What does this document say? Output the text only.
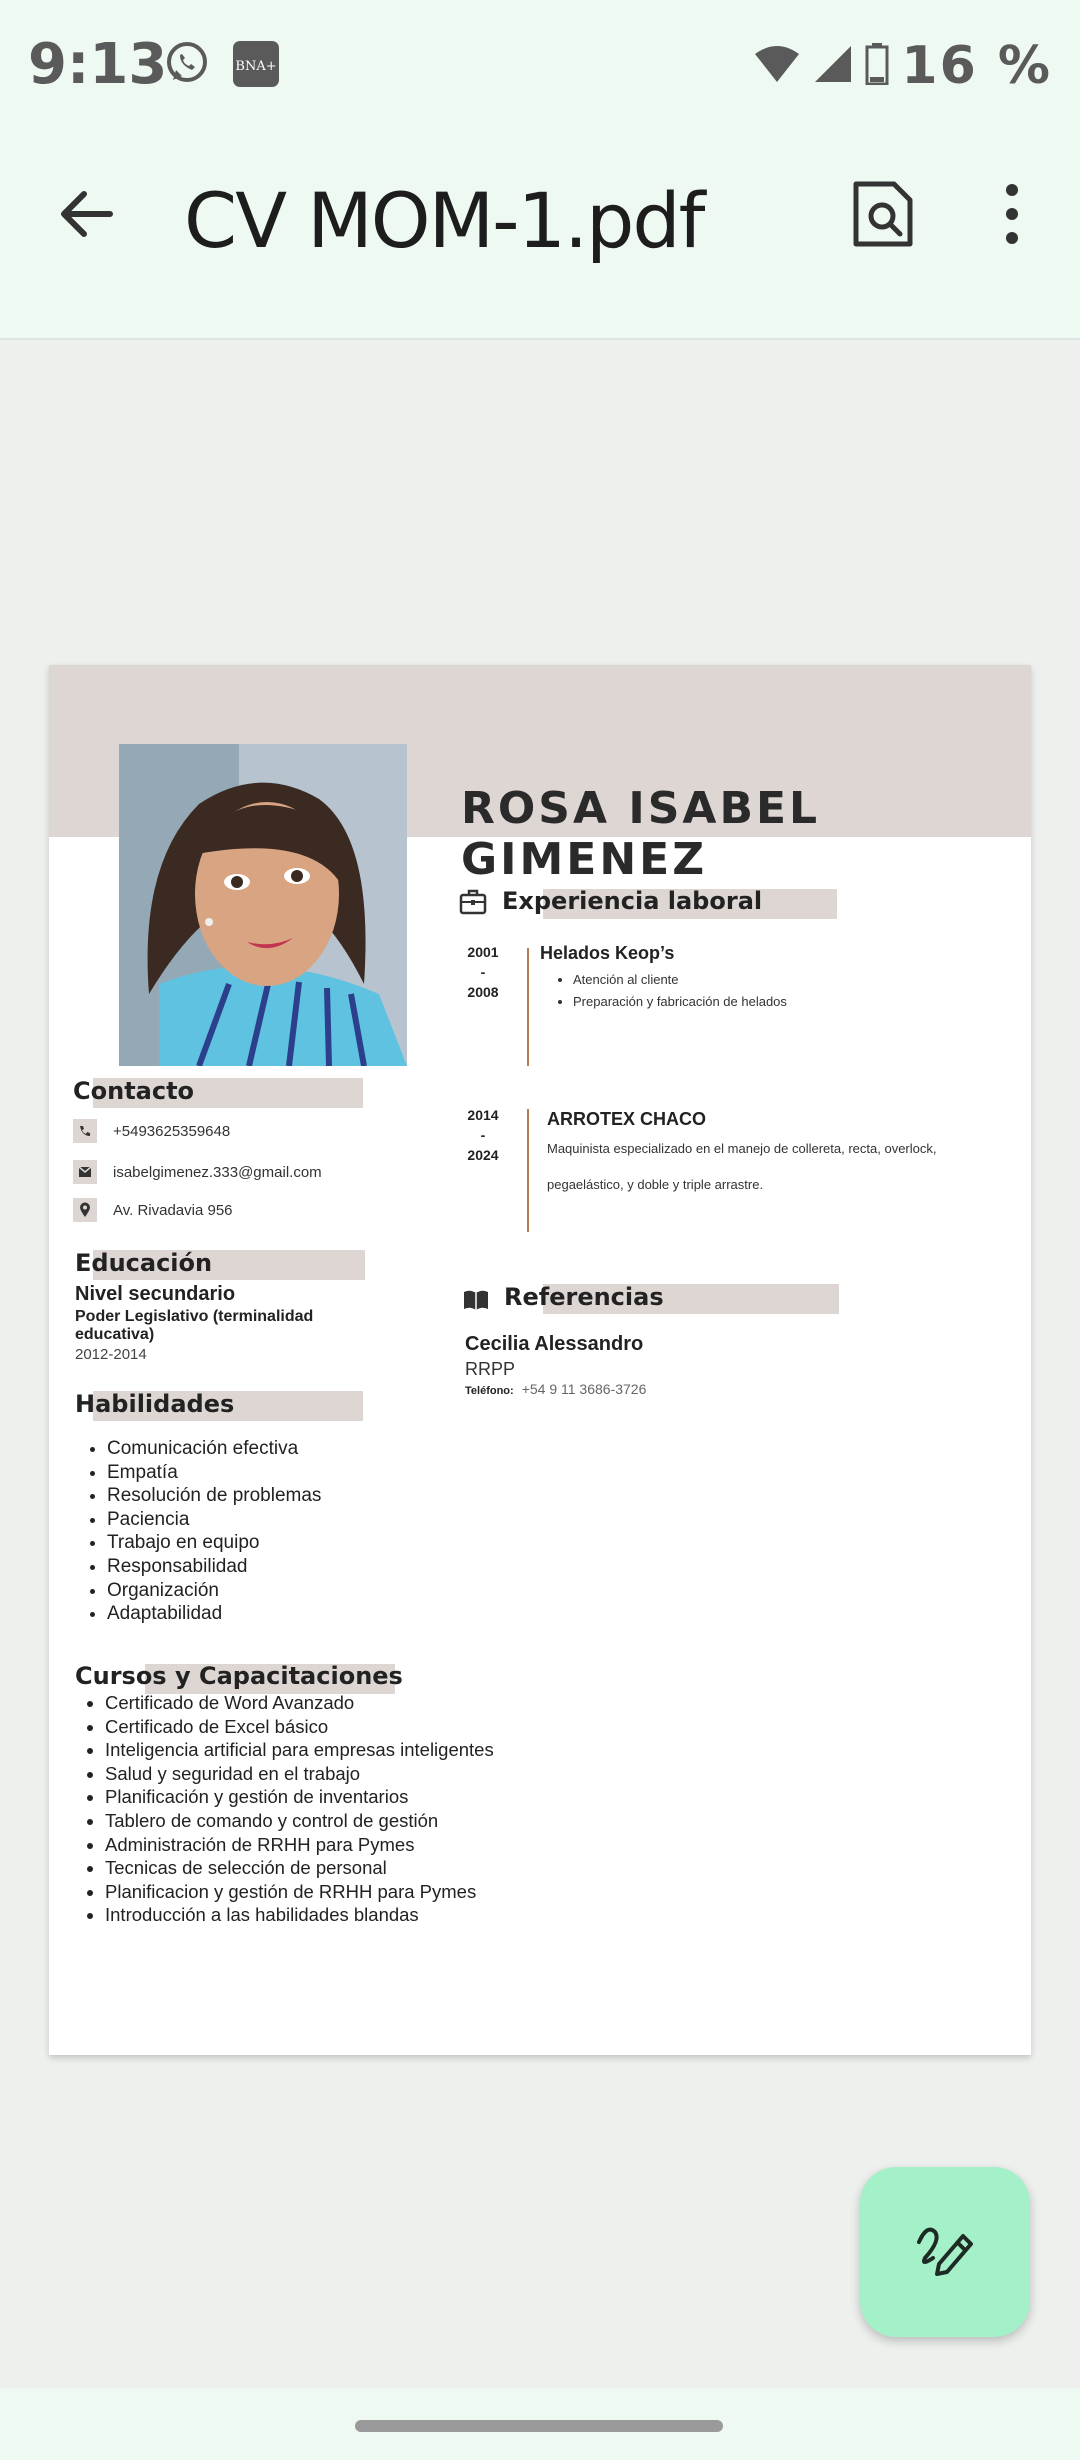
9:13	BNA+	16 %
CV MOM-1.pdf
ROSA ISABEL GIMENEZ
Contacto
+5493625359648
isabelgimenez.333@gmail.com
Av. Rivadavia 956
Educación
Nivel secundario
Poder Legislativo (terminalidad educativa)
2012-2014
Habilidades
• Comunicación efectiva
• Empatía
• Resolución de problemas
• Paciencia
• Trabajo en equipo
• Responsabilidad
• Organización
• Adaptabilidad
Cursos y Capacitaciones
• Certificado de Word Avanzado
• Certificado de Excel básico
• Inteligencia artificial para empresas inteligentes
• Salud y seguridad en el trabajo
• Planificación y gestión de inventarios
• Tablero de comando y control de gestión
• Administración de RRHH para Pymes
• Tecnicas de selección de personal
• Planificacion y gestión de RRHH para Pymes
• Introducción a las habilidades blandas
Experiencia laboral
2001
-
2008
Helados Keop’s
• Atención al cliente
• Preparación y fabricación de helados
2014
-
2024
ARROTEX CHACO
Maquinista especializado en el manejo de collereta, recta, overlock, pegaelástico, y doble y triple arrastre.
Referencias
Cecilia Alessandro
RRPP
Teléfono: +54 9 11 3686-3726
